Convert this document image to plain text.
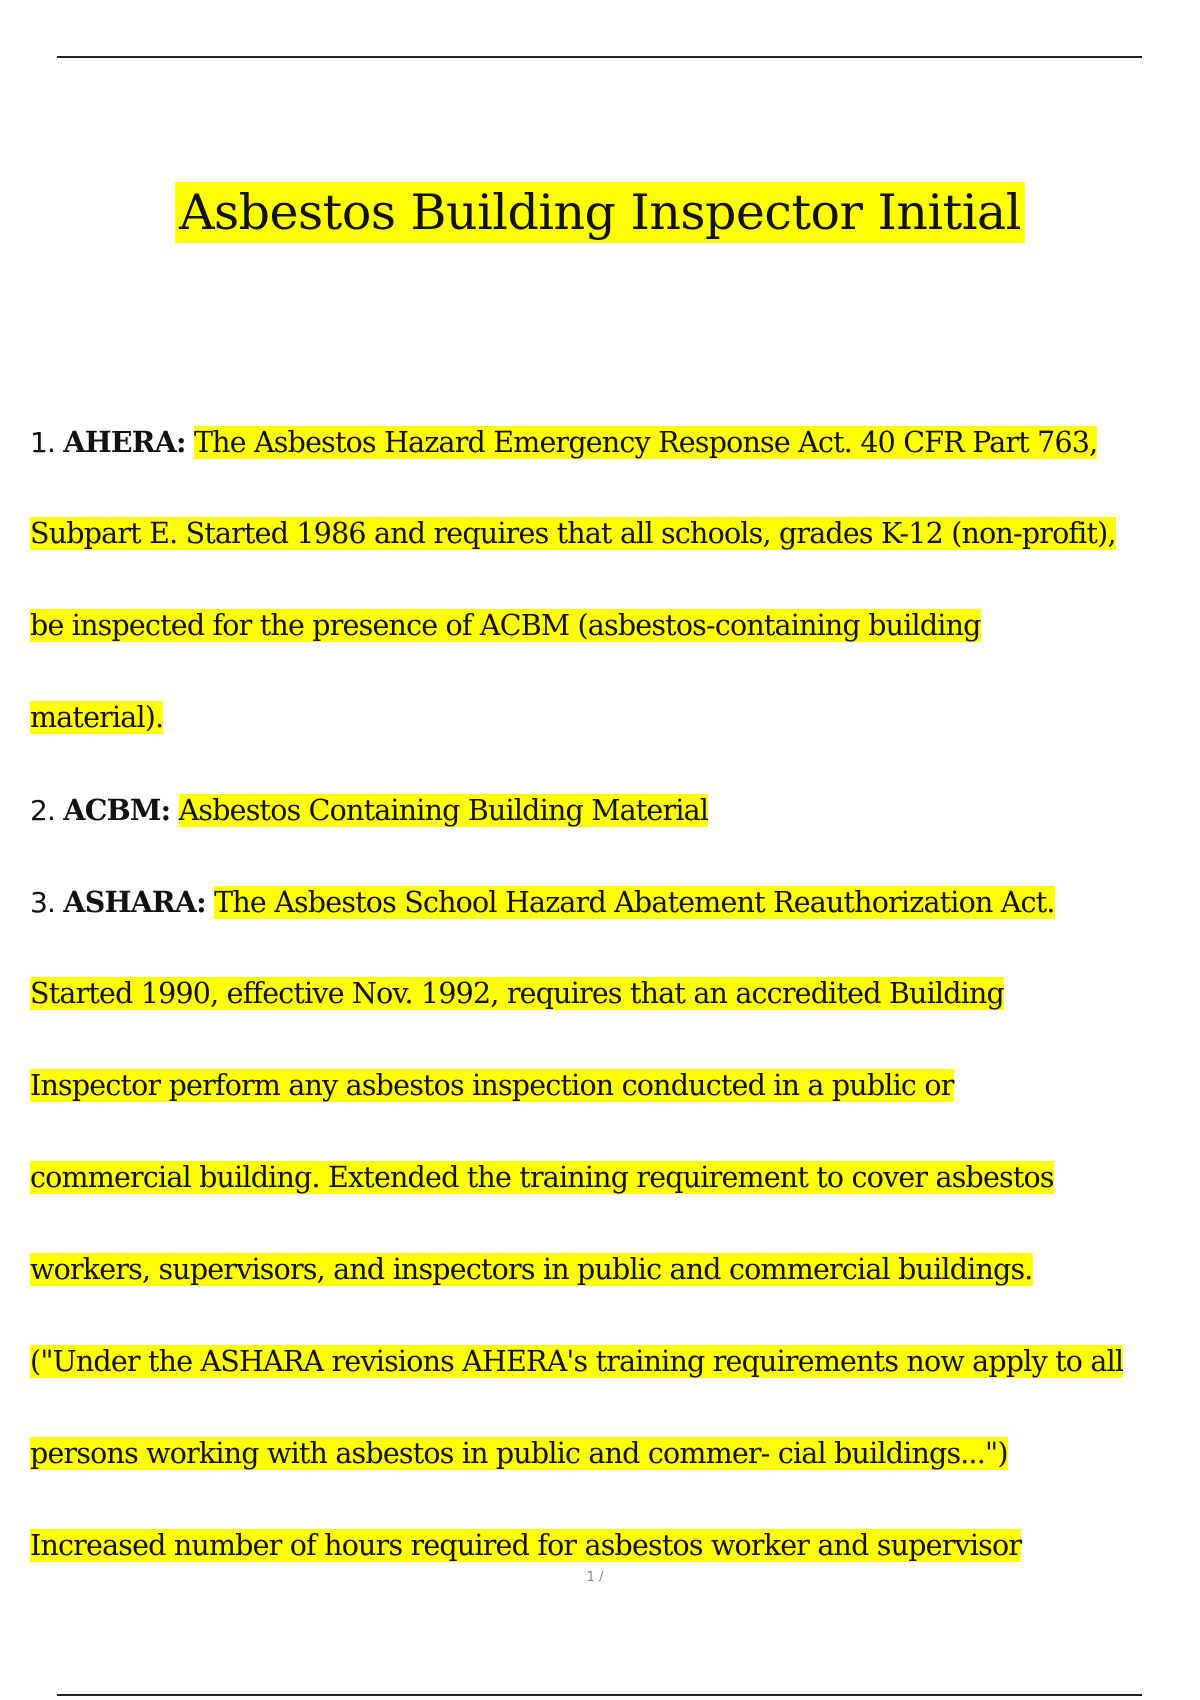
Asbestos Building Inspector Initial
1. AHERA: The Asbestos Hazard Emergency Response Act. 40 CFR Part 763,
Subpart E. Started 1986 and requires that all schools, grades K-12 (non-profit),
be inspected for the presence of ACBM (asbestos-containing building
material).
2. ACBM: Asbestos Containing Building Material
3. ASHARA: The Asbestos School Hazard Abatement Reauthorization Act.
Started 1990, effective Nov. 1992, requires that an accredited Building
Inspector perform any asbestos inspection conducted in a public or
commercial building. Extended the training requirement to cover asbestos
workers, supervisors, and inspectors in public and commercial buildings.
("Under the ASHARA revisions AHERA's training requirements now apply to all
persons working with asbestos in public and commer- cial buildings...")
Increased number of hours required for asbestos worker and supervisor
1 /
